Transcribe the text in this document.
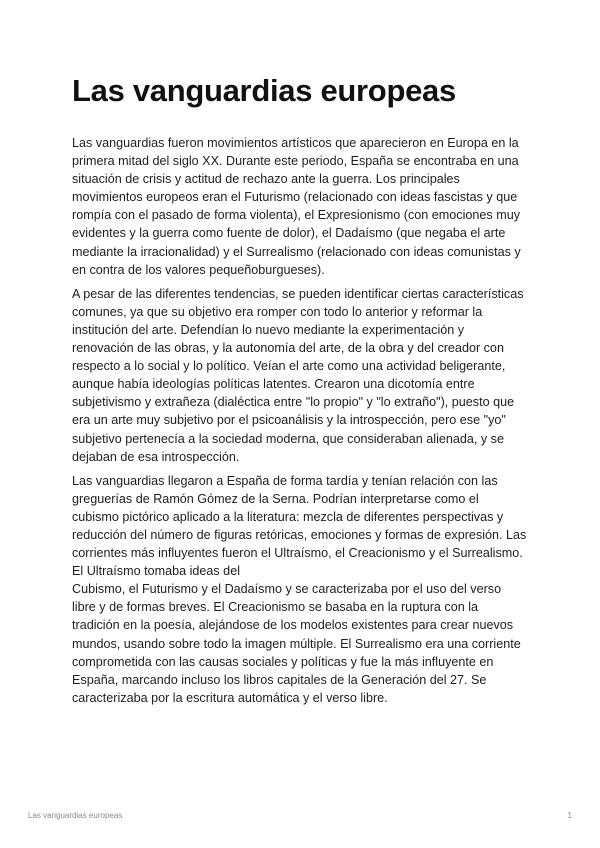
Las vanguardias europeas

Las vanguardias fueron movimientos artísticos que aparecieron en Europa en la primera mitad del siglo XX. Durante este periodo, España se encontraba en una situación de crisis y actitud de rechazo ante la guerra. Los principales movimientos europeos eran el Futurismo (relacionado con ideas fascistas y que rompía con el pasado de forma violenta), el Expresionismo (con emociones muy evidentes y la guerra como fuente de dolor), el Dadaísmo (que negaba el arte mediante la irracionalidad) y el Surrealismo (relacionado con ideas comunistas y en contra de los valores pequeñoburgueses).

A pesar de las diferentes tendencias, se pueden identificar ciertas características comunes, ya que su objetivo era romper con todo lo anterior y reformar la institución del arte. Defendían lo nuevo mediante la experimentación y renovación de las obras, y la autonomía del arte, de la obra y del creador con respecto a lo social y lo político. Veían el arte como una actividad beligerante, aunque había ideologías políticas latentes. Crearon una dicotomía entre subjetivismo y extrañeza (dialéctica entre "lo propio" y "lo extraño"), puesto que era un arte muy subjetivo por el psicoanálisis y la introspección, pero ese "yo" subjetivo pertenecía a la sociedad moderna, que consideraban alienada, y se dejaban de esa introspección.

Las vanguardias llegaron a España de forma tardía y tenían relación con las greguerías de Ramón Gómez de la Serna. Podrían interpretarse como el cubismo pictórico aplicado a la literatura: mezcla de diferentes perspectivas y reducción del número de figuras retóricas, emociones y formas de expresión. Las corrientes más influyentes fueron el Ultraísmo, el Creacionismo y el Surrealismo. El Ultraísmo tomaba ideas del
Cubismo, el Futurismo y el Dadaísmo y se caracterizaba por el uso del verso libre y de formas breves. El Creacionismo se basaba en la ruptura con la tradición en la poesía, alejándose de los modelos existentes para crear nuevos mundos, usando sobre todo la imagen múltiple. El Surrealismo era una corriente comprometida con las causas sociales y políticas y fue la más influyente en España, marcando incluso los libros capitales de la Generación del 27. Se caracterizaba por la escritura automática y el verso libre.

Las vanguardias europeas	1
